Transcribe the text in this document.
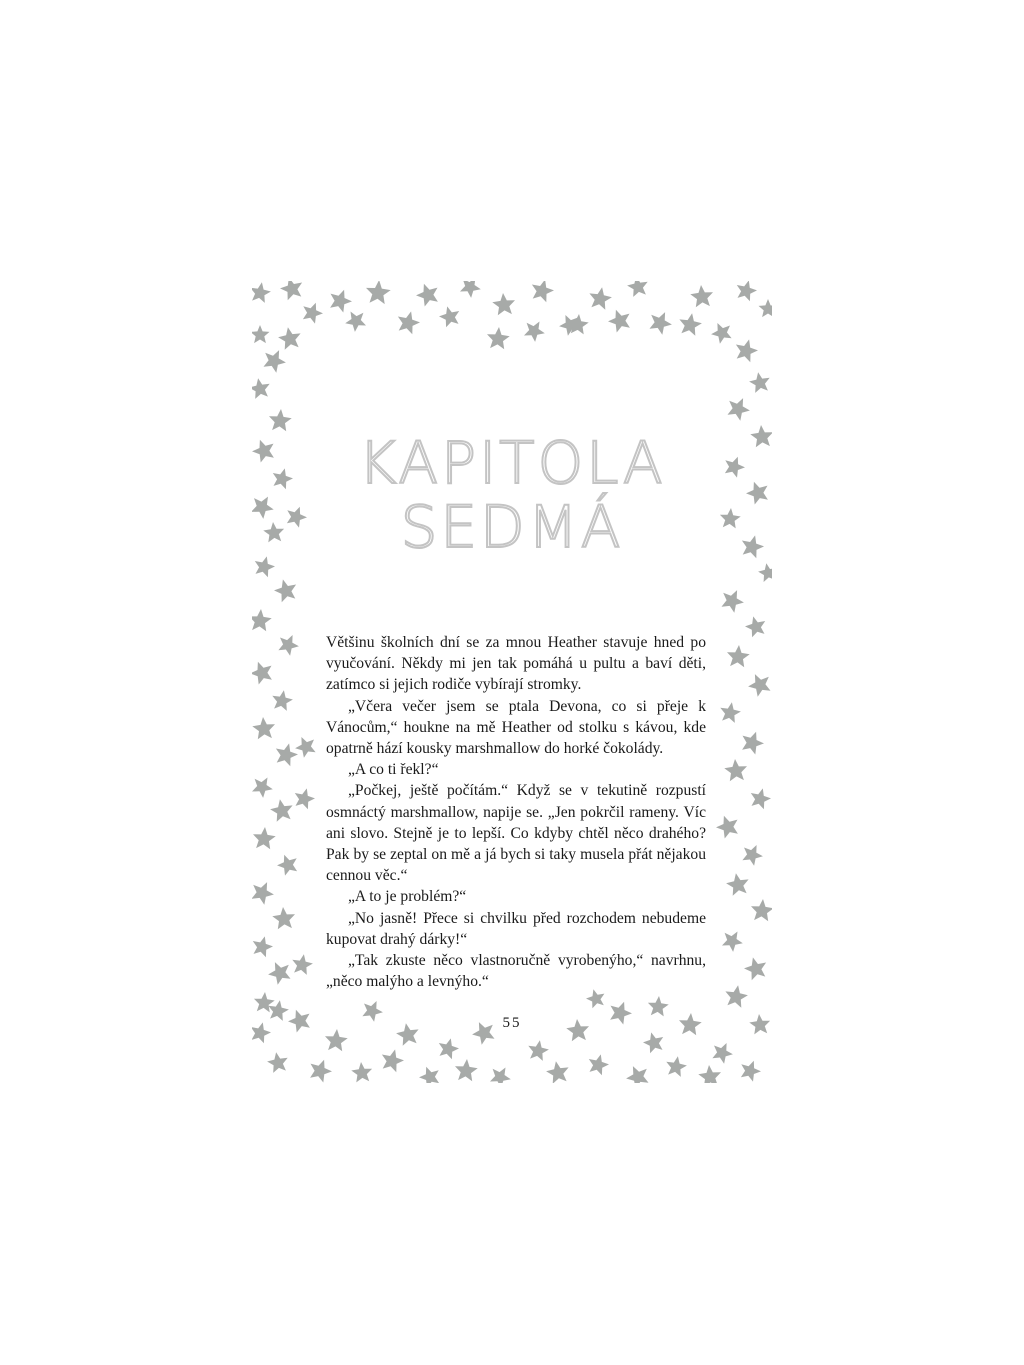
KAPITOLA
SEDMÁ

Většinu školních dní se za mnou Heather stavuje hned po vyučování. Někdy mi jen tak pomáhá u pultu a baví děti, zatímco si jejich rodiče vybírají stromky.

„Včera večer jsem se ptala Devona, co si přeje k Vánocům,“ houkne na mě Heather od stolku s kávou, kde opatrně hází kousky marshmallow do horké čokolády.

„A co ti řekl?“

„Počkej, ještě počítám.“ Když se v tekutině rozpustí osmnáctý marshmallow, napije se. „Jen pokrčil rameny. Víc ani slovo. Stejně je to lepší. Co kdyby chtěl něco drahého? Pak by se zeptal on mě a já bych si taky musela přát nějakou cennou věc.“

„A to je problém?“

„No jasně! Přece si chvilku před rozchodem nebudeme kupovat drahý dárky!“

„Tak zkuste něco vlastnoručně vyrobenýho,“ navrhnu, „něco malýho a levnýho.“

55
